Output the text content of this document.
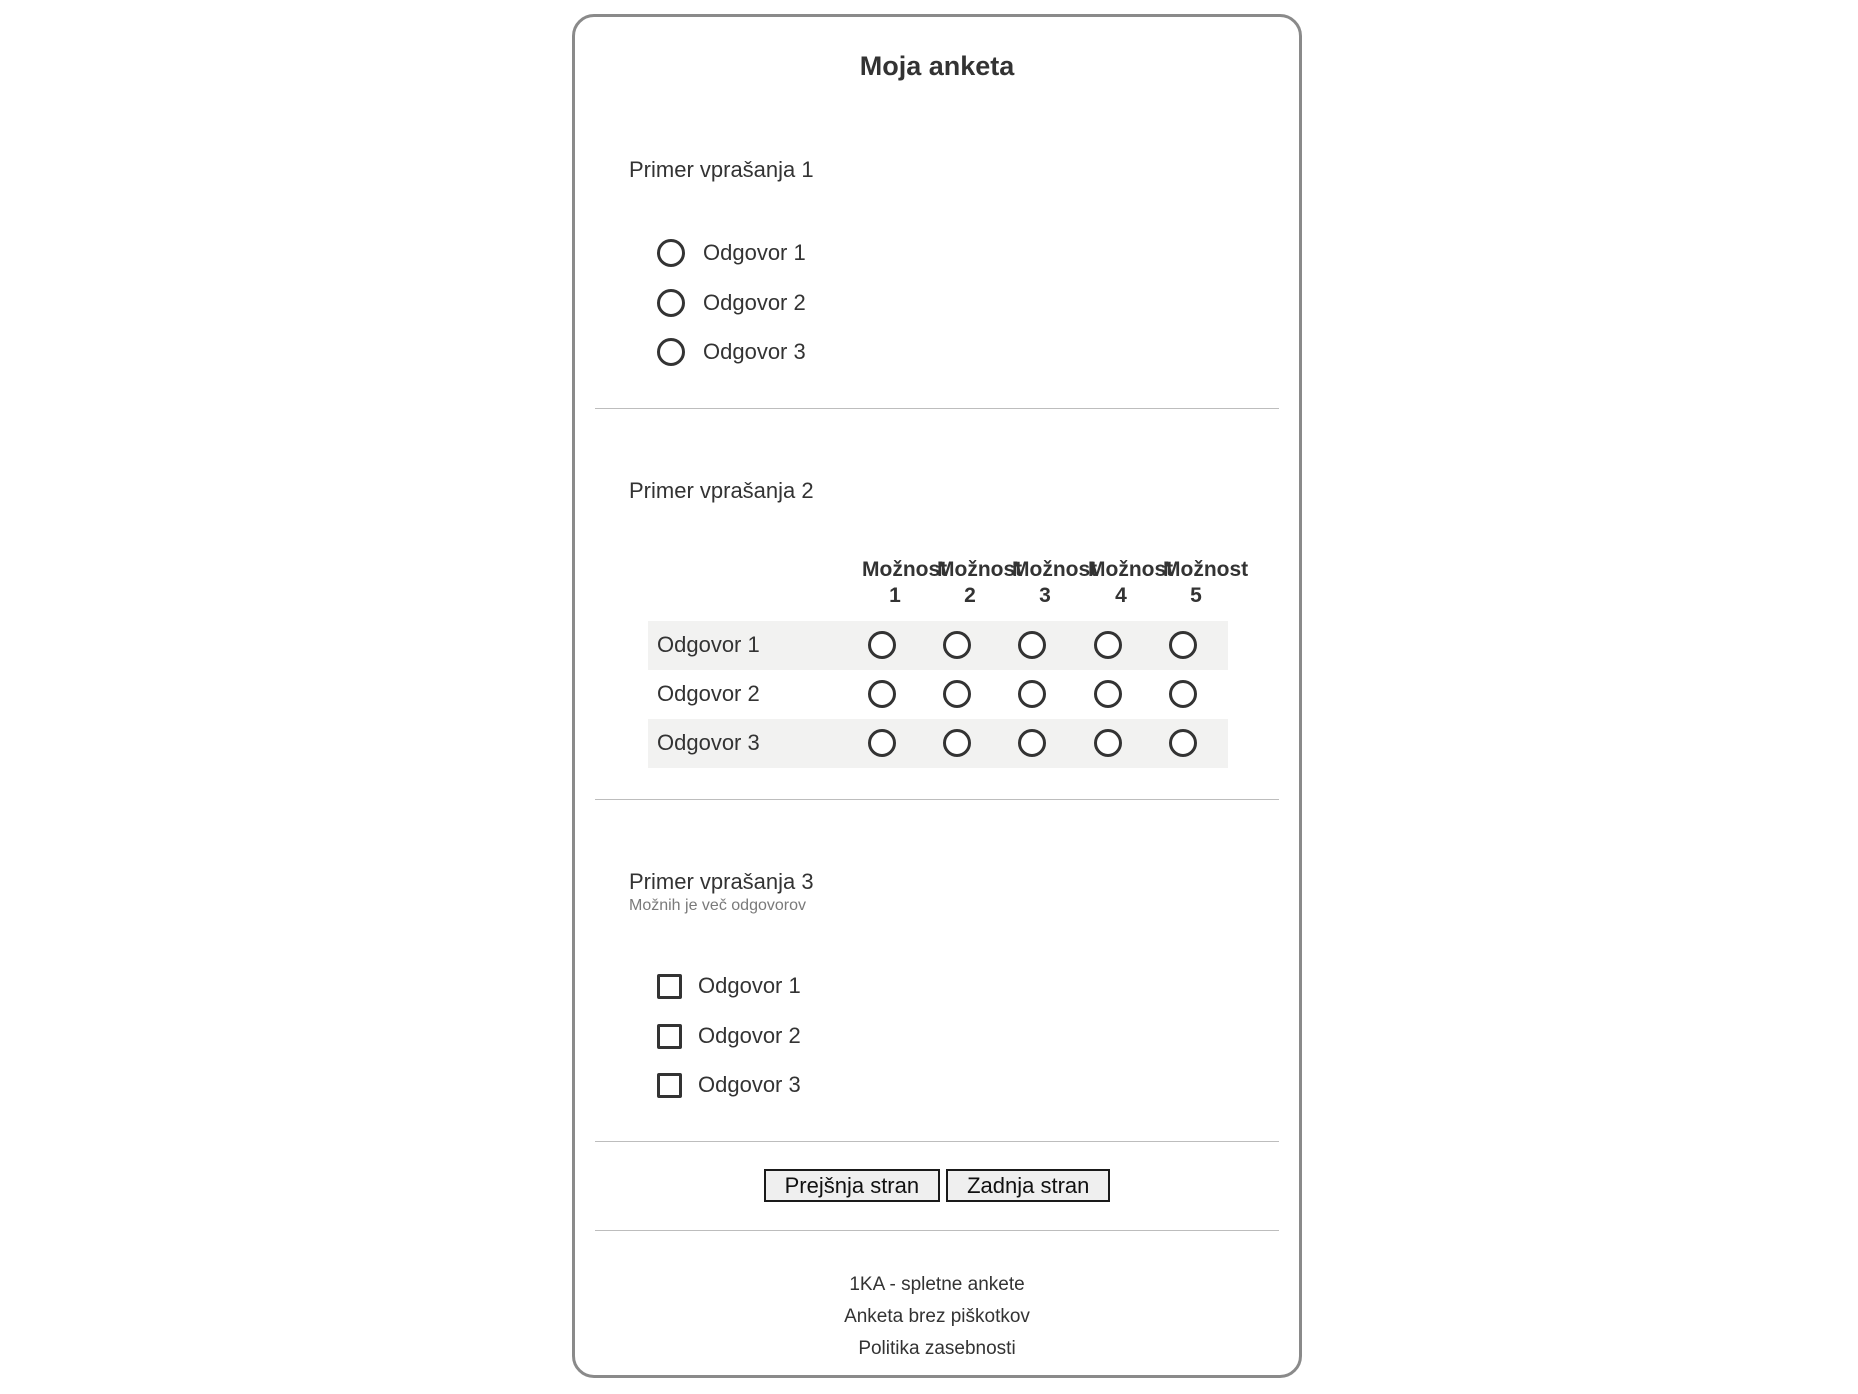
Moja anketa
Primer vprašanja 1
Odgovor 1
Odgovor 2
Odgovor 3
Primer vprašanja 2
Možnost
1
Možnost
2
Možnost
3
Možnost
4
Možnost
5
Odgovor 1
Odgovor 2
Odgovor 3
Primer vprašanja 3
Možnih je več odgovorov
Odgovor 1
Odgovor 2
Odgovor 3
Prejšnja stran Zadnja stran
1KA - spletne ankete
Anketa brez piškotkov
Politika zasebnosti
